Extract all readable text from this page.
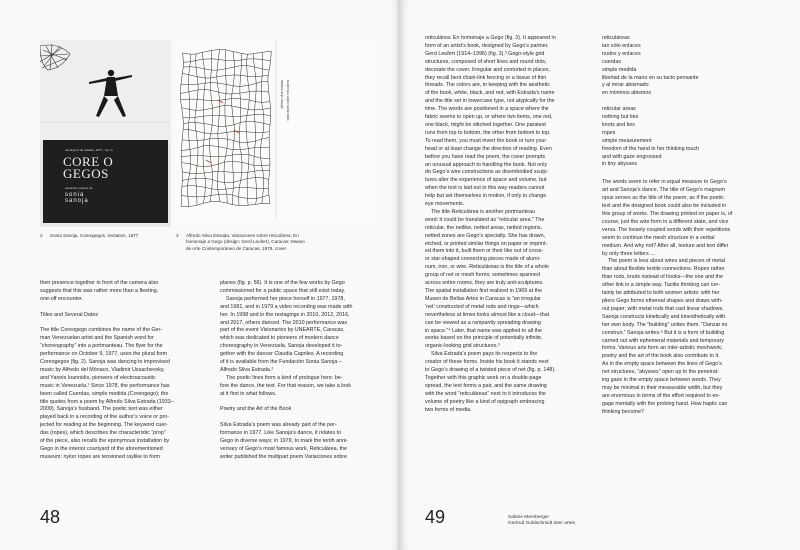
domingo 9 de octubre, 1977 · 6 p.m.
CORE O
GEGOS
actuación poética de
sonia
sanoja
alfredo silva estrada variaciones sobre reticulárea
2 Sonia Sanoja, Coreogegos, invitation, 1977	3	Alfredo Silva Estrada, Variaciones sobre reticulárea: En
homenaje a Gego (design: Gerd Leufert), Caracas: Museo
de Arte Contemporáneo de Caracas, 1979, cover
their presence together in front of the camera also
suggests that this was rather more than a fleeting,
one-off encounter.
Titles and Several Dates
The title Coreogego combines the name of the Ger-
man Venezuelan artist and the Spanish word for
“choreography” into a portmanteau. The flyer for the
performance on October 9, 1977, uses the plural form
Coreogegos (fig. 2). Sanoja was dancing to improvised
music by Alfredo del Mónaco, Vladimir Ussachevsky,
and Yannis Ioannidis, pioneers of electroacoustic
music in Venezuela.¹ Since 1978, the performance has
been called Cuerdas, simple medida (Coreogego); the
title quotes from a poem by Alfredo Silva Estrada (1933–
2009), Sanoja’s husband. The poetic text was either
played back in a recording of the author’s voice or pro-
jected for reading at the beginning. The keyword cuer-
das (ropes), which describes the characteristic “prop”
of the piece, also recalls the eponymous installation by
Gego in the interior courtyard of the aforementioned
museum: nylon ropes are tensioned raylike to form
planes (fig. p. 56). It is one of the few works by Gego
commissioned for a public space that still exist today.
Sanoja performed her piece herself in 1977, 1978,
and 1981, and in 1979 a video recording was made with
her. In 1998 and in the restagings in 2010, 2012, 2016,
and 2017, others danced. The 2010 performance was
part of the event Visionarios by UNEARTE, Caracas,
which was dedicated to pioneers of modern dance
choreography in Venezuela. Sanoja developed it to-
gether with the dancer Claudia Capriles. A recording
of it is available from the Fundación Sonia Sanoja –
Alfredo Silva Estrada.²
The poetic lines form a kind of prologue here: be-
fore the dance, the text. For that reason, we take a look
at it first in what follows.
Poetry and the Art of the Book
Silva Estrada’s poem was already part of the per-
formance in 1977. Like Sanoja’s dance, it relates to
Gego in diverse ways; in 1979, to mark the tenth anni-
versary of Gego’s most famous work, Reticulárea, the
writer published the multipart poem Variaciones sobre
48
reticulárea: En homenaje a Gego (fig. 3). It appeared in
form of an artist’s book, designed by Gego’s partner,
Gerd Leufert (1914–1996) (fig. 3).³ Gego-style grid
structures, composed of short lines and round dots,
decorate the cover. Irregular and contorted in places,
they recall bent chain-link fencing or a tissue of thin
threads. The colors are, in keeping with the aesthetic
of the book, white, black, and red, with Estrada’s name
and the title set in lowercase type, not atypically for the
time. The words are positioned in a space where the
fabric seems to open up, or where two items, one red,
one black, might be stitched together. One paratext
runs from top to bottom, the other from bottom to top.
To read them, you must invert the book or turn your
head or at least change the direction of reading. Even
before you have read the poem, the cover prompts
an unusual approach to handling the book. Not only
do Gego’s wire constructions as disembodied sculp-
tures alter the experience of space and volume, but
when the text is laid out in this way readers cannot
help but set themselves in motion, if only to change
eye movements.
The title Reticulárea is another portmanteau
word: it could be translated as “reticular area.” The
reticular, the netlike, netted areas, netted regions,
netted zones are Gego’s specialty. She has drawn,
etched, or printed similar things on paper or imprint-
ed them into it, built them or their like out of cross-
or star-shaped connecting pieces made of alumi-
num, iron, or wire. Reticuláreas is the title of a whole
group of net or mesh forms; sometimes spanned
across entire rooms, they are truly anti-sculptures.
The spatial installation first realized in 1969 at the
Museo de Bellas Artes in Caracas is “an irregular
‘net’ constructed of metal rods and rings—which
nevertheless at times looks almost like a cloud—that
can be viewed as a rampantly spreading drawing
in space.”⁴ Later, that name was applied to all the
works based on the principle of potentially infinite,
organic-looking grid structures.⁵
Silva Estrada’s poem pays its respects to the
creator of these forms. Inside his book it stands next
to Gego’s drawing of a twisted piece of net (fig. p. 148).
Together with this graphic work on a double-page
spread, the text forms a pair, and the same drawing
with the word “reticuláreas” next to it introduces the
volume of poetry like a kind of epigraph embracing
two forms of media.
reticuláreas
tan sólo enlaces
nudos y enlaces
cuerdas
simple medida
libertad de la mano en su tacto pensante
y al mirar abismado
en mínimos abismos
reticular areas
nothing but ties
knots and ties
ropes
simple measurement
freedom of the hand in her thinking touch
and with gaze engrossed
in tiny abysses
The words seem to refer in equal measure to Gego’s
art and Sanoja’s dance. The title of Gego’s magnum
opus serves as the title of the poem, as if the poetic
text and the designed book could also be included in
this group of works. The drawing printed on paper is, of
course, just the wire form in a different state, and vice
versa. The loosely coupled words with their repetitions
seem to continue the mesh structure in a verbal
medium. And why not? After all, texture and text differ
by only three letters …
The poem is less about wires and pieces of metal
than about flexible textile connections. Ropes rather
than rods, knots instead of hooks—the one and the
other link in a simple way. Tactile thinking can cer-
tainly be attributed to both women artists: with her
pliers Gego forms ethereal shapes and draws with-
out paper; with metal rods that cast linear shadows.
Sanoja constructs kinetically and kinesthetically with
her own body. The “building” unites them. “Danzar es
construir,” Sanoja writes.⁶ But it is a form of building
carried out with ephemeral materials and temporary
forms. Various arts form an inter-artistic meshwork;
poetry and the art of the book also contribute to it.
As in the empty space between the lines of Gego’s
net structures, “abysses” open up to the penetrat-
ing gaze in the empty space between words. They
may be minimal in their measurable width, but they
are enormous in terms of the effort required to en-
gage mentally with the probing hand. How haptic can
thinking become?
49	Sabine Mernberger
Gertrud Goldschmidt inter artes
